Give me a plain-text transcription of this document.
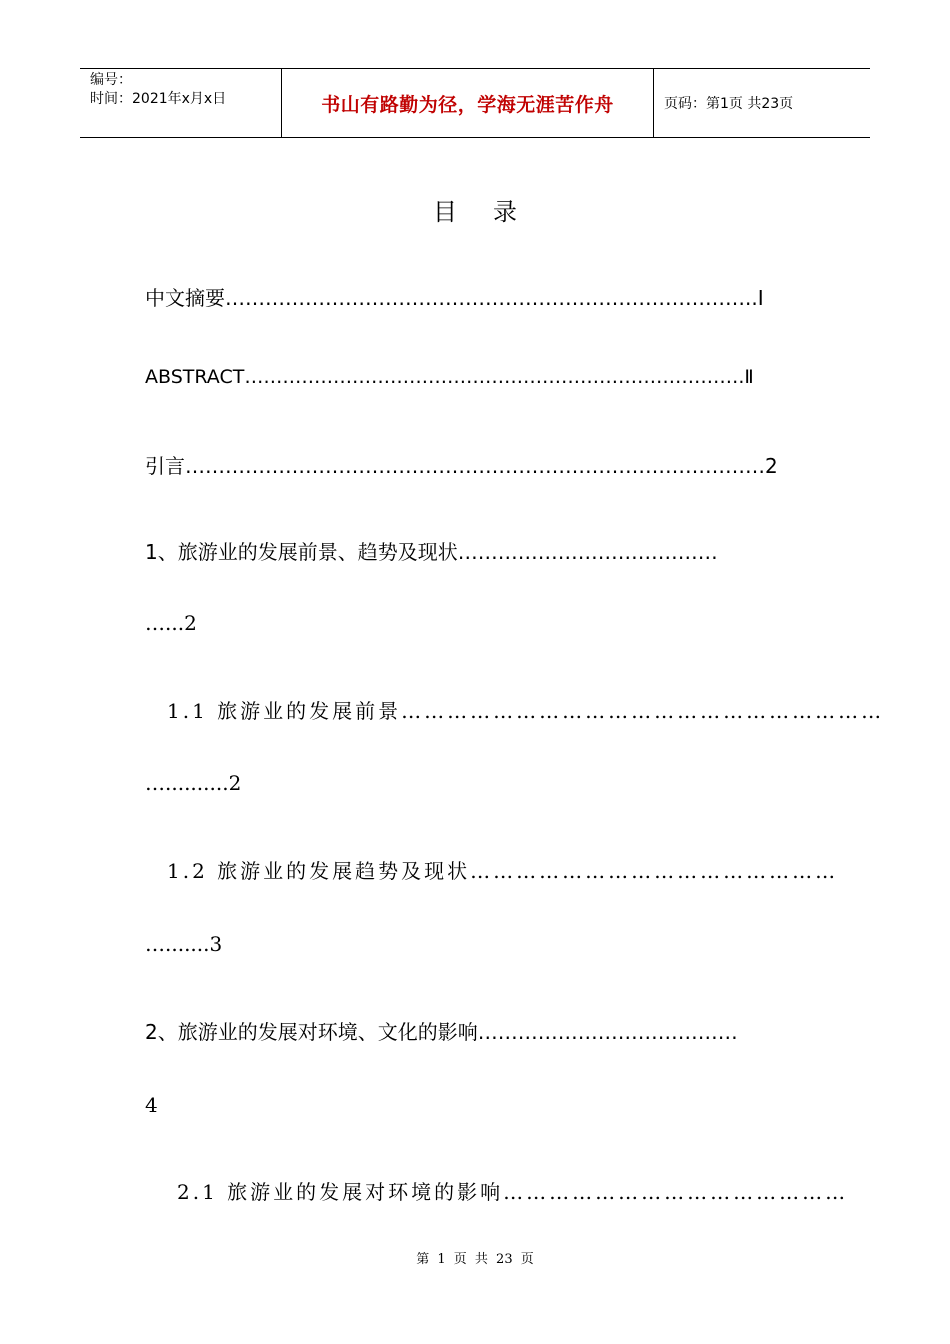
编号：
时间：2021年x月x日	书山有路勤为径，学海无涯苦作舟	页码：第1页 共23页
目录
中文摘要……………………………………………………………………..Ⅰ
ABSTRACT…………………………………………………………………….Ⅱ
引言……………………………………………………………………………2
1、旅游业的发展前景、趋势及现状…………………………………
…...2
1.1 旅游业的发展前景………………………………………………………
…..........2
1.2 旅游业的发展趋势及现状…………………………………………
….......3
2、旅游业的发展对环境、文化的影响…………………………………
4
2.1 旅游业的发展对环境的影响………………………………………
第 1 页 共 23 页
